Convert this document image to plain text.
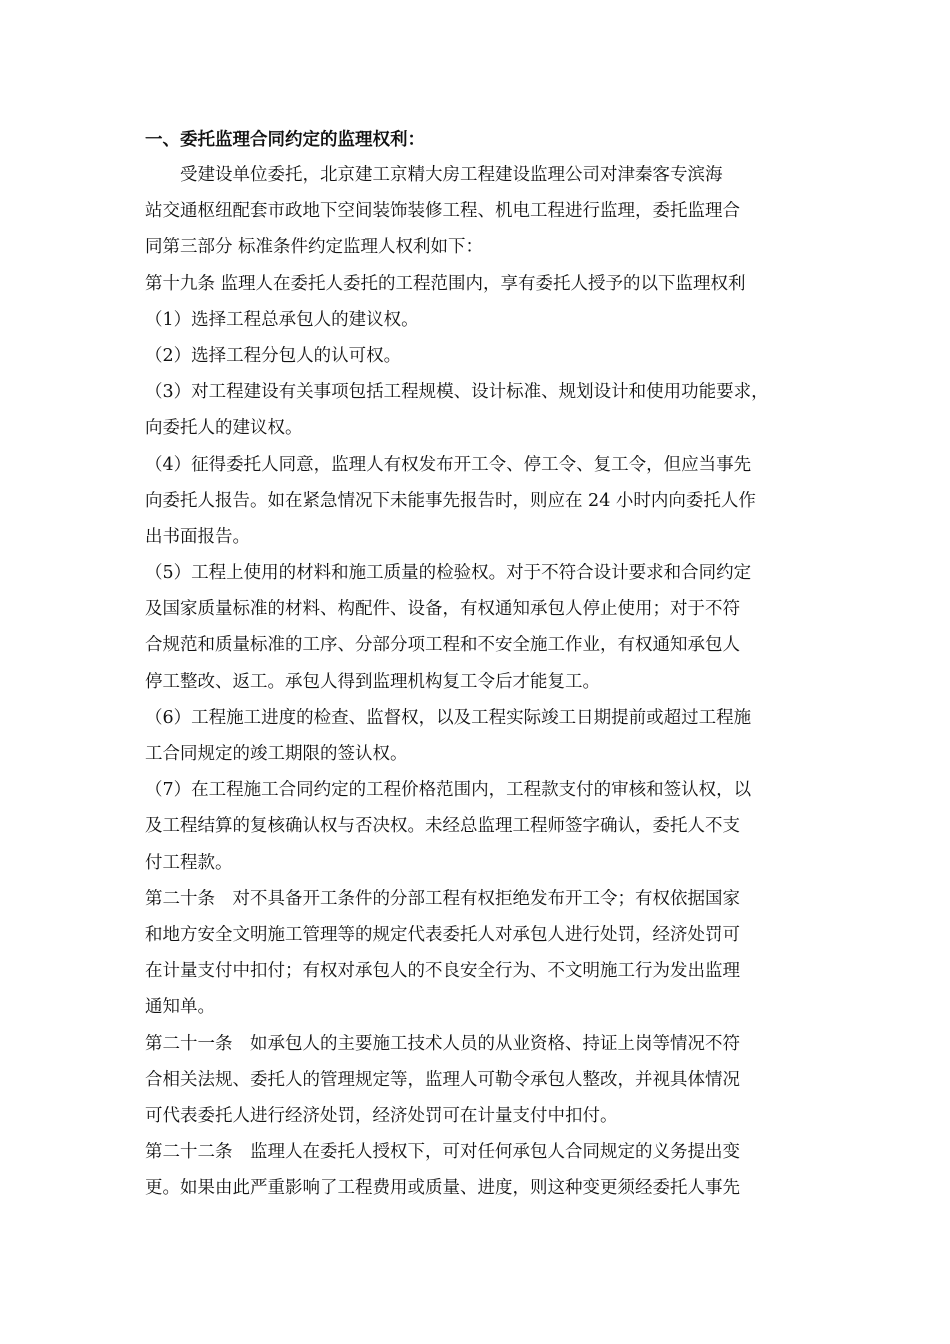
一、委托监理合同约定的监理权利：
受建设单位委托，北京建工京精大房工程建设监理公司对津秦客专滨海
站交通枢纽配套市政地下空间装饰装修工程、机电工程进行监理，委托监理合
同第三部分 标准条件约定监理人权利如下：
第十九条 监理人在委托人委托的工程范围内，享有委托人授予的以下监理权利
（1）选择工程总承包人的建议权。
（2）选择工程分包人的认可权。
（3）对工程建设有关事项包括工程规模、设计标准、规划设计和使用功能要求，
向委托人的建议权。
（4）征得委托人同意，监理人有权发布开工令、停工令、复工令，但应当事先
向委托人报告。如在紧急情况下未能事先报告时，则应在 24 小时内向委托人作
出书面报告。
（5）工程上使用的材料和施工质量的检验权。对于不符合设计要求和合同约定
及国家质量标准的材料、构配件、设备，有权通知承包人停止使用；对于不符
合规范和质量标准的工序、分部分项工程和不安全施工作业，有权通知承包人
停工整改、返工。承包人得到监理机构复工令后才能复工。
（6）工程施工进度的检查、监督权，以及工程实际竣工日期提前或超过工程施
工合同规定的竣工期限的签认权。
（7）在工程施工合同约定的工程价格范围内，工程款支付的审核和签认权，以
及工程结算的复核确认权与否决权。未经总监理工程师签字确认，委托人不支
付工程款。
第二十条　对不具备开工条件的分部工程有权拒绝发布开工令；有权依据国家
和地方安全文明施工管理等的规定代表委托人对承包人进行处罚，经济处罚可
在计量支付中扣付；有权对承包人的不良安全行为、不文明施工行为发出监理
通知单。
第二十一条　如承包人的主要施工技术人员的从业资格、持证上岗等情况不符
合相关法规、委托人的管理规定等，监理人可勒令承包人整改，并视具体情况
可代表委托人进行经济处罚，经济处罚可在计量支付中扣付。
第二十二条　监理人在委托人授权下，可对任何承包人合同规定的义务提出变
更。如果由此严重影响了工程费用或质量、进度，则这种变更须经委托人事先
